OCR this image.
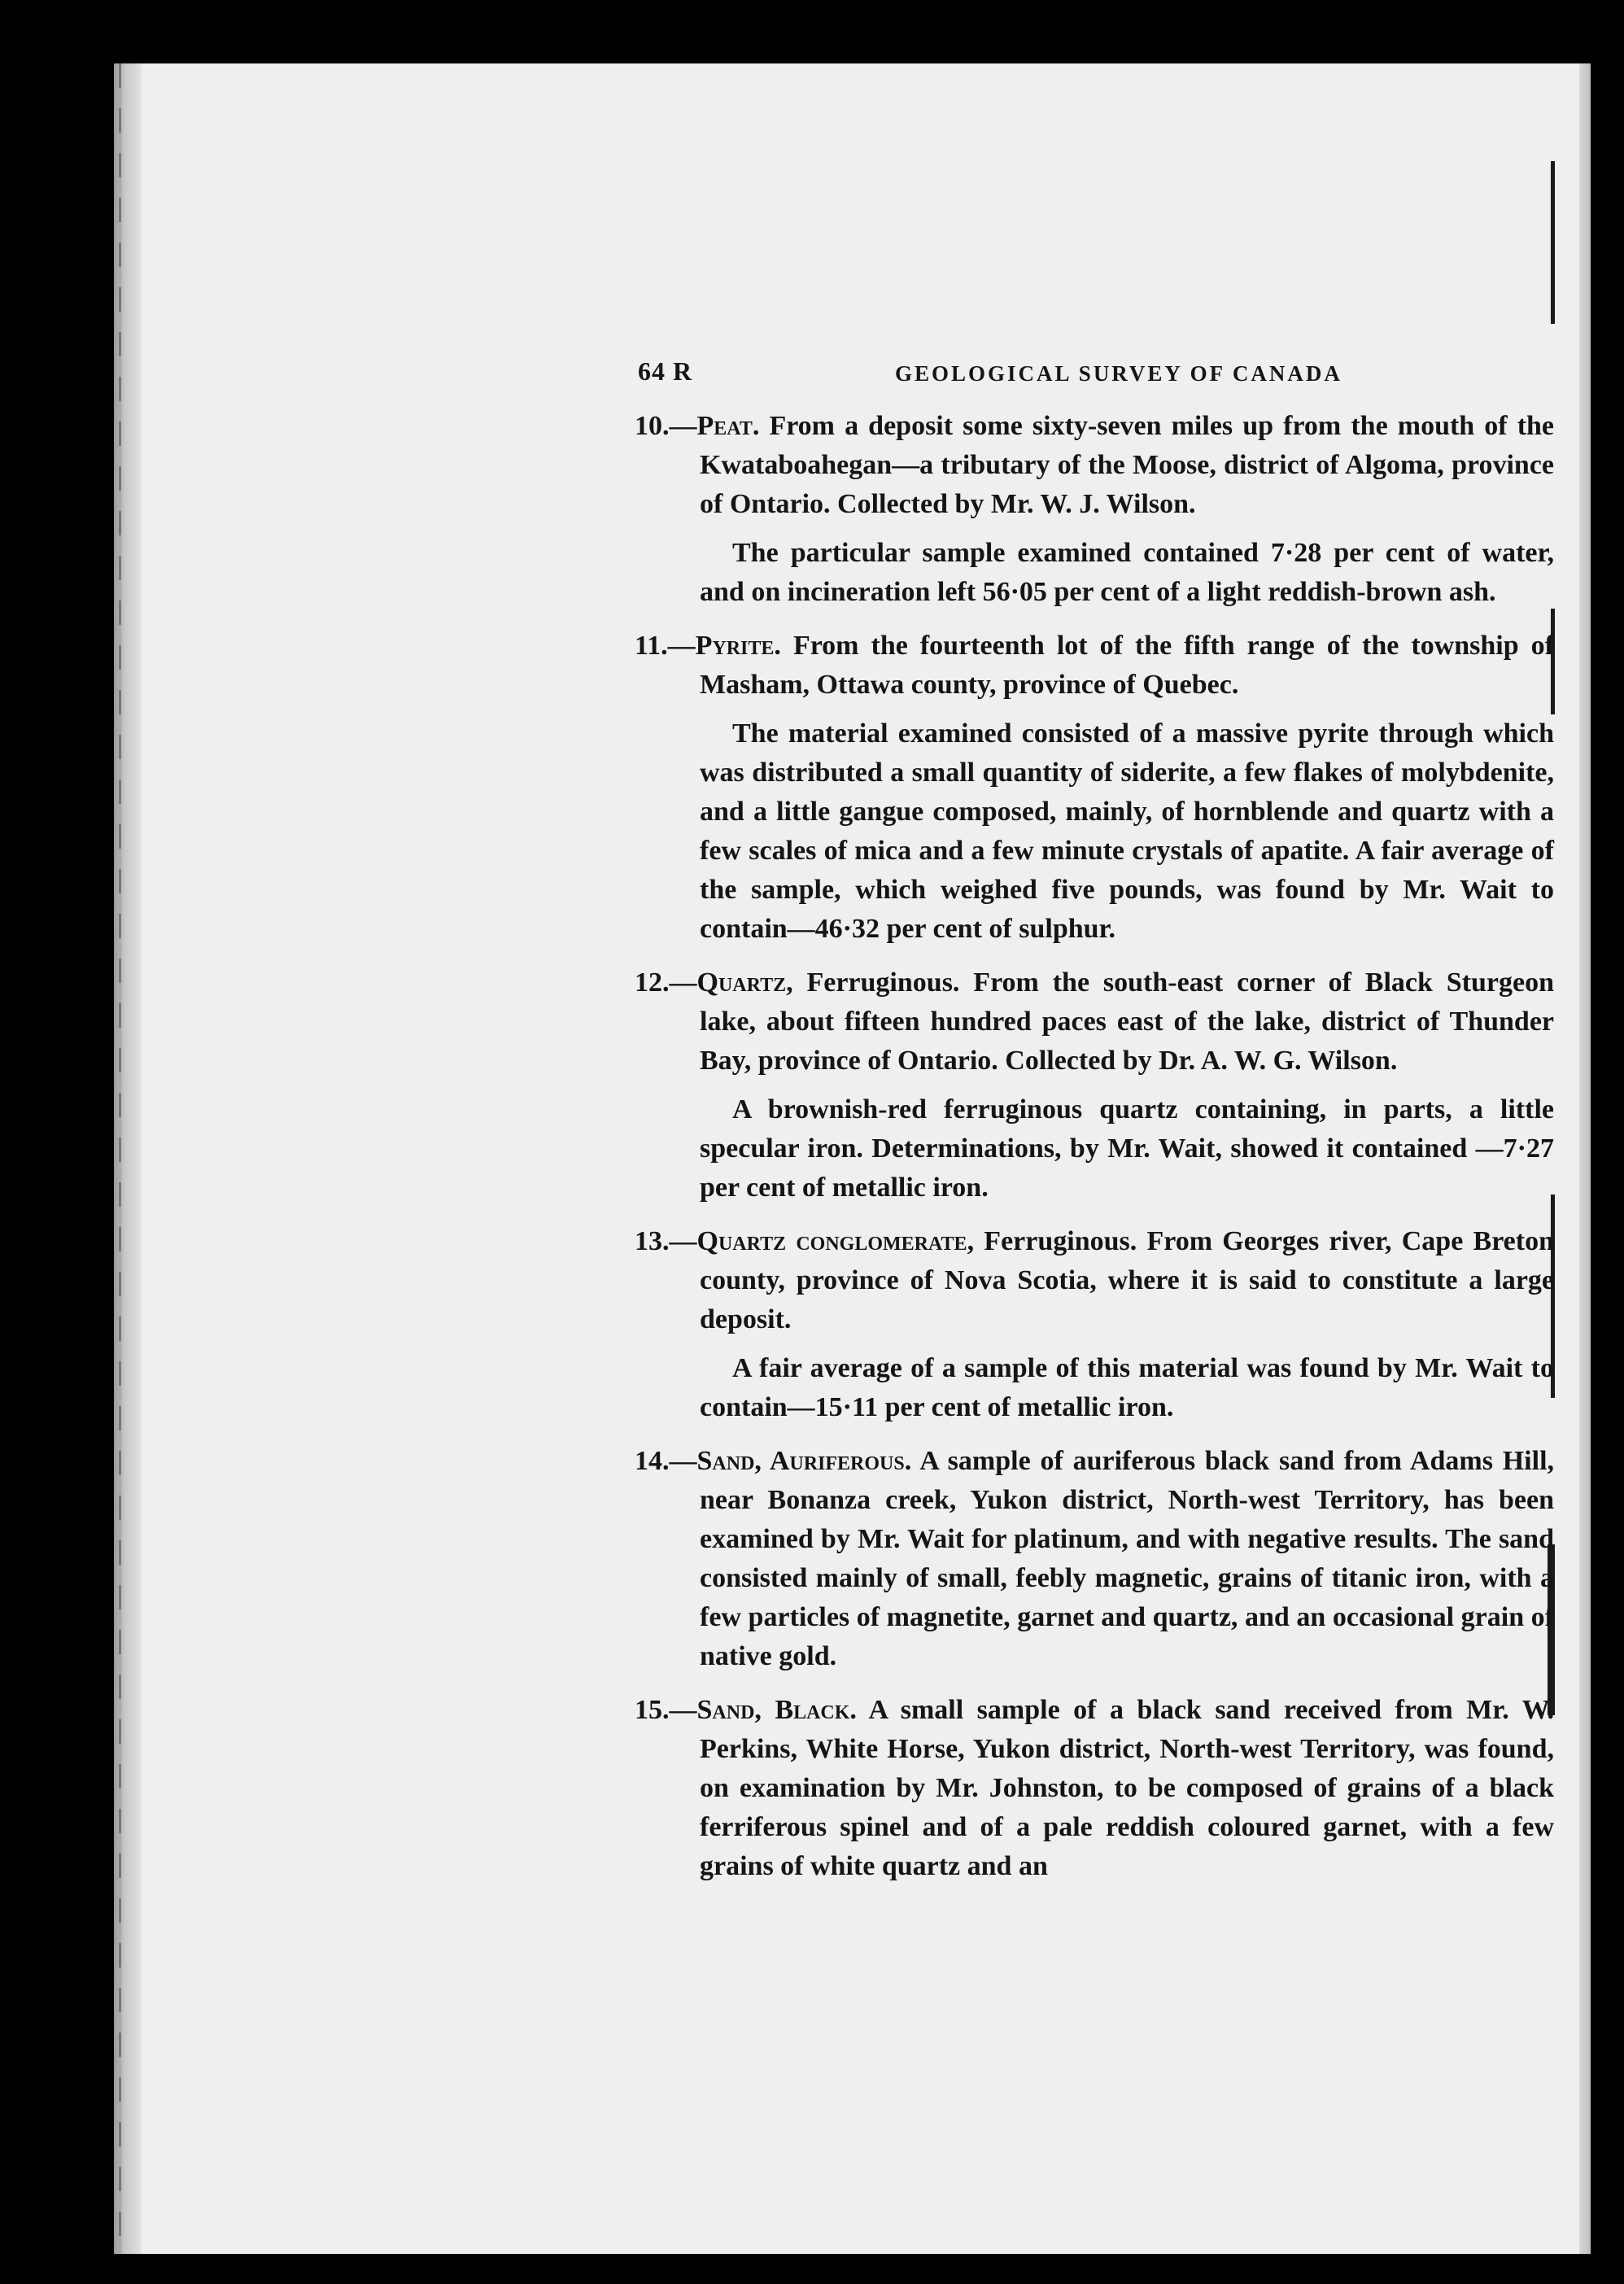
64 R	GEOLOGICAL SURVEY OF CANADA
10.—Peat. From a deposit some sixty-seven miles up from the mouth of the Kwataboahegan—a tributary of the Moose, district of Algoma, province of Ontario. Collected by Mr. W. J. Wilson.
The particular sample examined contained 7·28 per cent of water, and on incineration left 56·05 per cent of a light reddish-brown ash.
11.—Pyrite. From the fourteenth lot of the fifth range of the township of Masham, Ottawa county, province of Quebec.
The material examined consisted of a massive pyrite through which was distributed a small quantity of siderite, a few flakes of molybdenite, and a little gangue composed, mainly, of hornblende and quartz with a few scales of mica and a few minute crystals of apatite. A fair average of the sample, which weighed five pounds, was found by Mr. Wait to contain—46·32 per cent of sulphur.
12.—Quartz, Ferruginous. From the south-east corner of Black Sturgeon lake, about fifteen hundred paces east of the lake, district of Thunder Bay, province of Ontario. Collected by Dr. A. W. G. Wilson.
A brownish-red ferruginous quartz containing, in parts, a little specular iron. Determinations, by Mr. Wait, showed it contained —7·27 per cent of metallic iron.
13.—Quartz conglomerate, Ferruginous. From Georges river, Cape Breton county, province of Nova Scotia, where it is said to constitute a large deposit.
A fair average of a sample of this material was found by Mr. Wait to contain—15·11 per cent of metallic iron.
14.—Sand, Auriferous. A sample of auriferous black sand from Adams Hill, near Bonanza creek, Yukon district, North-west Territory, has been examined by Mr. Wait for platinum, and with negative results. The sand consisted mainly of small, feebly magnetic, grains of titanic iron, with a few particles of magnetite, garnet and quartz, and an occasional grain of native gold.
15.—Sand, Black. A small sample of a black sand received from Mr. W. Perkins, White Horse, Yukon district, North-west Territory, was found, on examination by Mr. Johnston, to be composed of grains of a black ferriferous spinel and of a pale reddish coloured garnet, with a few grains of white quartz and an
